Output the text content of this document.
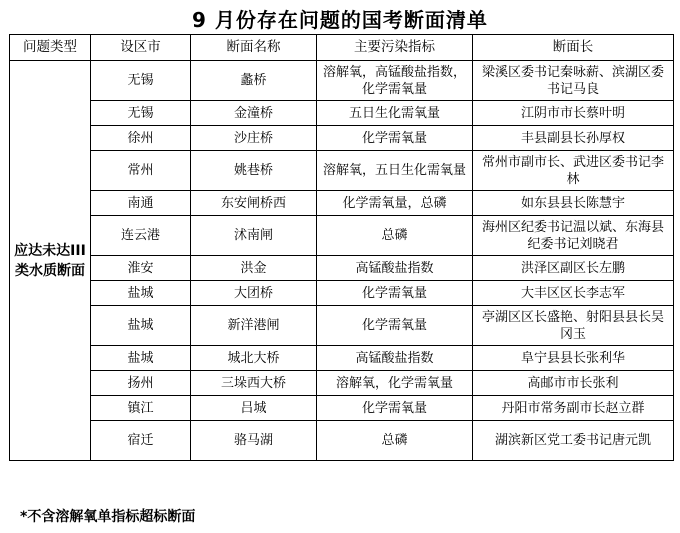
9 月份存在问题的国考断面清单
问题类型	设区市	断面名称	主要污染指标	断面长
应达未达III类水质断面	无锡	蠡桥	溶解氧，高锰酸盐指数，化学需氧量	梁溪区委书记秦咏薪、滨湖区委书记马良
	无锡	金潼桥	五日生化需氧量	江阴市市长蔡叶明
	徐州	沙庄桥	化学需氧量	丰县副县长孙厚权
	常州	姚巷桥	溶解氧，五日生化需氧量	常州市副市长、武进区委书记李林
	南通	东安闸桥西	化学需氧量，总磷	如东县县长陈慧宇
	连云港	沭南闸	总磷	海州区纪委书记温以斌、东海县纪委书记刘晓君
	淮安	洪金	高锰酸盐指数	洪泽区副区长左鹏
	盐城	大团桥	化学需氧量	大丰区区长李志军
	盐城	新洋港闸	化学需氧量	亭湖区区长盛艳、射阳县县长吴冈玉
	盐城	城北大桥	高锰酸盐指数	阜宁县县长张利华
	扬州	三垛西大桥	溶解氧，化学需氧量	高邮市市长张利
	镇江	吕城	化学需氧量	丹阳市常务副市长赵立群
	宿迁	骆马湖	总磷	湖滨新区党工委书记唐元凯
*不含溶解氧单指标超标断面
